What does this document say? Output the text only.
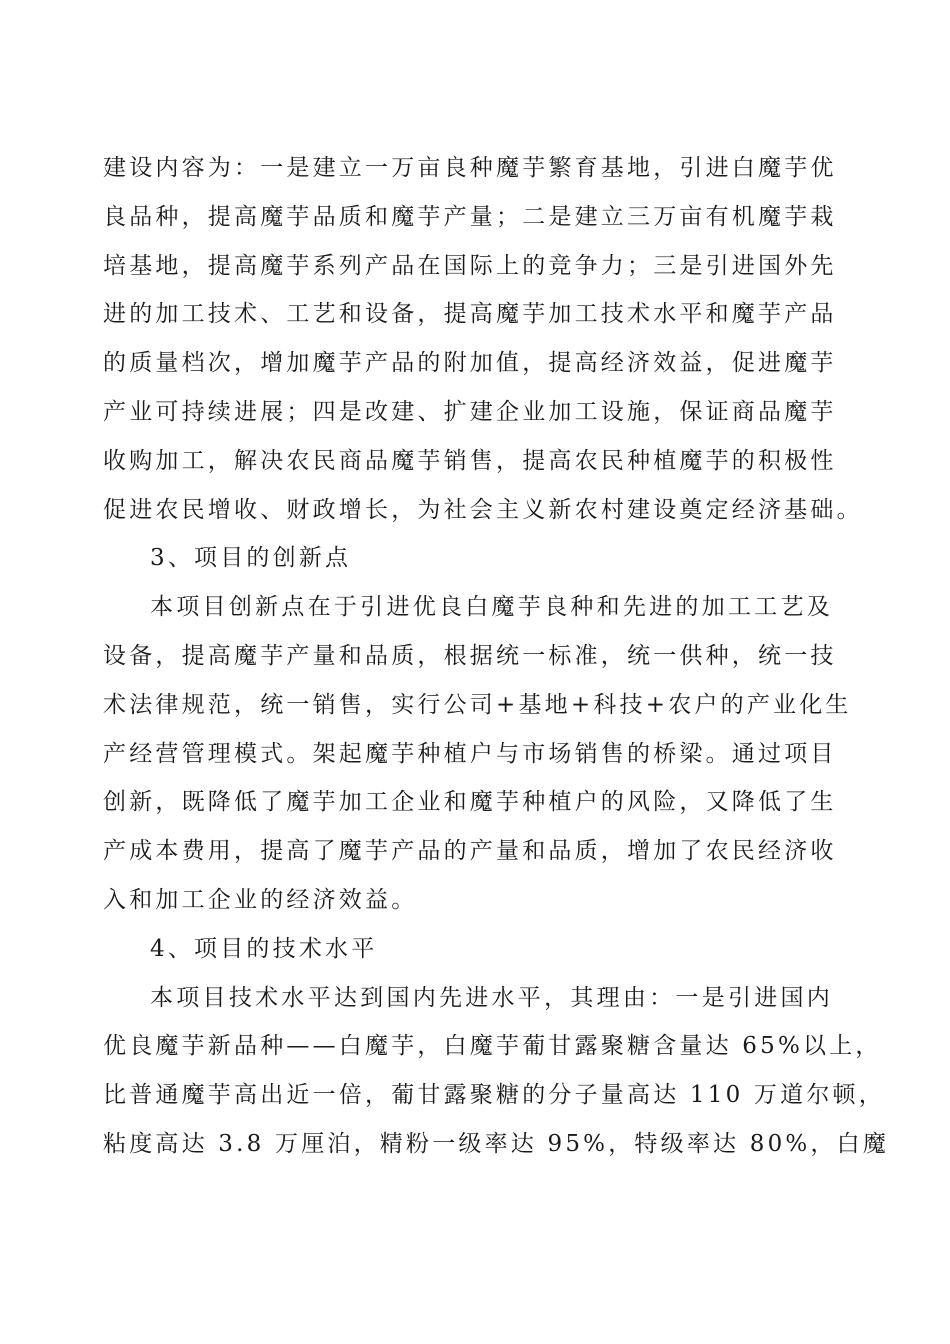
建设内容为：一是建立一万亩良种魔芋繁育基地，引进白魔芋优
良品种，提高魔芋品质和魔芋产量；二是建立三万亩有机魔芋栽
培基地，提高魔芋系列产品在国际上的竞争力；三是引进国外先
进的加工技术、工艺和设备，提高魔芋加工技术水平和魔芋产品
的质量档次，增加魔芋产品的附加值，提高经济效益，促进魔芋
产业可持续进展；四是改建、扩建企业加工设施，保证商品魔芋
收购加工，解决农民商品魔芋销售，提高农民种植魔芋的积极性
促进农民增收、财政增长，为社会主义新农村建设奠定经济基础。
3、项目的创新点
本项目创新点在于引进优良白魔芋良种和先进的加工工艺及
设备，提高魔芋产量和品质，根据统一标准，统一供种，统一技
术法律规范，统一销售，实行公司+基地+科技+农户的产业化生
产经营管理模式。架起魔芋种植户与市场销售的桥梁。通过项目
创新，既降低了魔芋加工企业和魔芋种植户的风险，又降低了生
产成本费用，提高了魔芋产品的产量和品质，增加了农民经济收
入和加工企业的经济效益。
4、项目的技术水平
本项目技术水平达到国内先进水平，其理由：一是引进国内
优良魔芋新品种——白魔芋，白魔芋葡甘露聚糖含量达 65%以上，
比普通魔芋高出近一倍，葡甘露聚糖的分子量高达 110 万道尔顿，
粘度高达 3.8 万厘泊，精粉一级率达 95%，特级率达 80%，白魔
